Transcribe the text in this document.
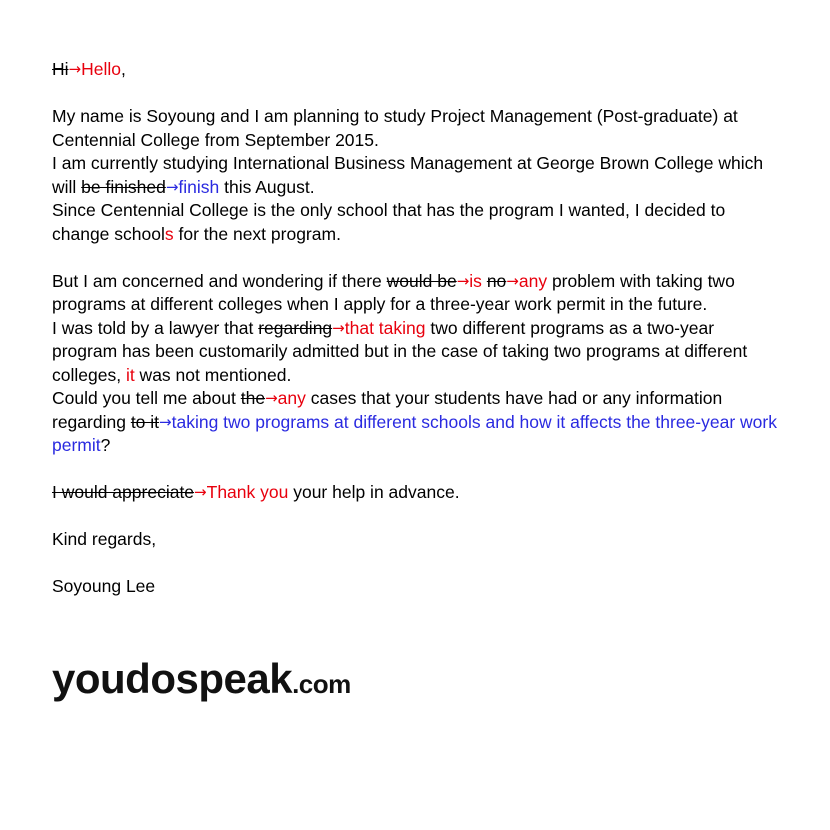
Hi→Hello,

My name is Soyoung and I am planning to study Project Management (Post-graduate) at Centennial College from September 2015.

I am currently studying International Business Management at George Brown College which will be finished→finish this August.

Since Centennial College is the only school that has the program I wanted, I decided to change schools for the next program.

But I am concerned and wondering if there would be→is no→any problem with taking two programs at different colleges when I apply for a three-year work permit in the future.

I was told by a lawyer that regarding→that taking two different programs as a two-year program has been customarily admitted but in the case of taking two programs at different colleges, it was not mentioned.

Could you tell me about the→any cases that your students have had or any information regarding to it→taking two programs at different schools and how it affects the three-year work permit?

I would appreciate→Thank you your help in advance.

Kind regards,

Soyoung Lee

youdospeak.com
